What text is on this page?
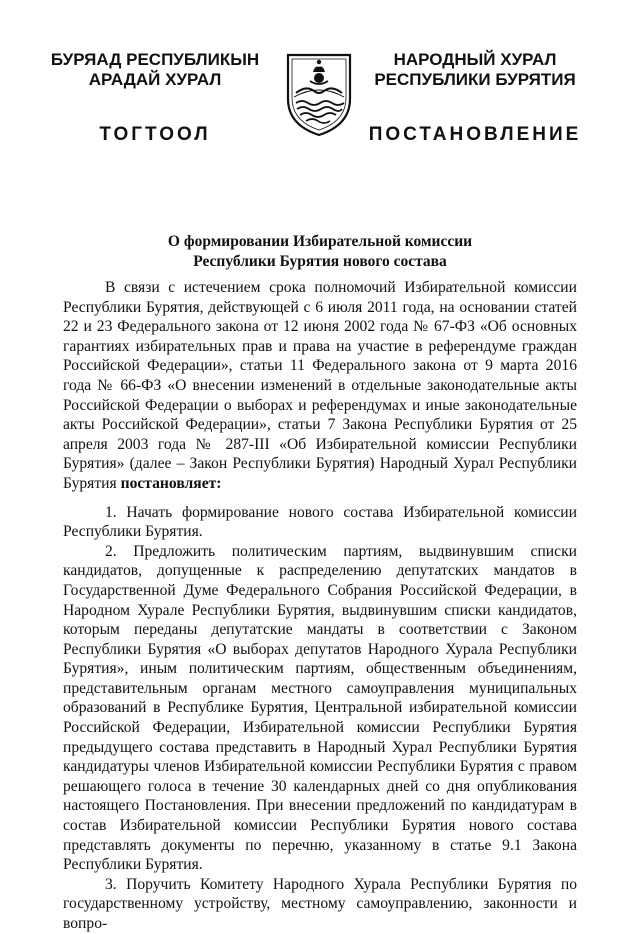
БУРЯАД РЕСПУБЛИКЫН
АРАДАЙ ХУРАЛ
ТОГТООЛ
НАРОДНЫЙ ХУРАЛ
РЕСПУБЛИКИ БУРЯТИЯ
ПОСТАНОВЛЕНИЕ
О формировании Избирательной комиссии
Республики Бурятия нового состава

В связи с истечением срока полномочий Избирательной комиссии Республики Бурятия, действующей с 6 июля 2011 года, на основании статей 22 и 23 Федерального закона от 12 июня 2002 года № 67-ФЗ «Об основных гарантиях избирательных прав и права на участие в референдуме граждан Российской Федерации», статьи 11 Федерального закона от 9 марта 2016 года № 66-ФЗ «О внесении изменений в отдельные законодательные акты Российской Федерации о выборах и референдумах и иные законодательные акты Российской Федерации», статьи 7 Закона Республики Бурятия от 25 апреля 2003 года № 287-III «Об Избирательной комиссии Республики Бурятия» (далее – Закон Республики Бурятия) Народный Хурал Республики Бурятия постановляет:

1. Начать формирование нового состава Избирательной комиссии Республики Бурятия.

2. Предложить политическим партиям, выдвинувшим списки кандидатов, допущенные к распределению депутатских мандатов в Государственной Думе Федерального Собрания Российской Федерации, в Народном Хурале Республики Бурятия, выдвинувшим списки кандидатов, которым переданы депутатские мандаты в соответствии с Законом Республики Бурятия «О выборах депутатов Народного Хурала Республики Бурятия», иным политическим партиям, общественным объединениям, представительным органам местного самоуправления муниципальных образований в Республике Бурятия, Центральной избирательной комиссии Российской Федерации, Избирательной комиссии Республики Бурятия предыдущего состава представить в Народный Хурал Республики Бурятия кандидатуры членов Избирательной комиссии Республики Бурятия с правом решающего голоса в течение 30 календарных дней со дня опубликования настоящего Постановления. При внесении предложений по кандидатурам в состав Избирательной комиссии Республики Бурятия нового состава представлять документы по перечню, указанному в статье 9.1 Закона Республики Бурятия.

3. Поручить Комитету Народного Хурала Республики Бурятия по государственному устройству, местному самоуправлению, законности и вопро-
